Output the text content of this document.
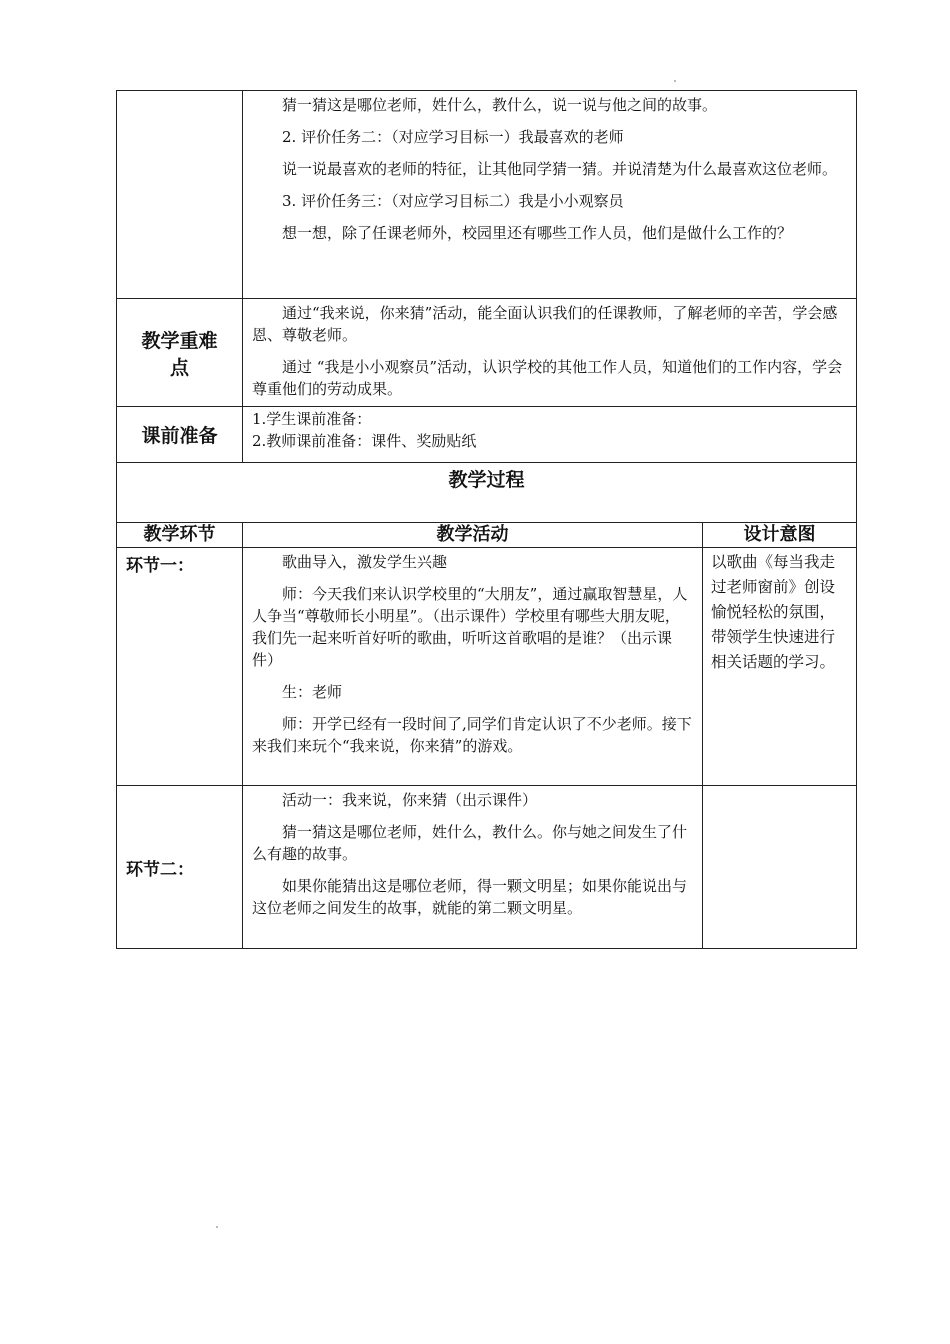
	猜一猜这是哪位老师，姓什么，教什么，说一说与他之间的故事。

2. 评价任务二：（对应学习目标一）我最喜欢的老师

说一说最喜欢的老师的特征，让其他同学猜一猜。并说清楚为什么最喜欢这位老师。

3. 评价任务三：（对应学习目标二）我是小小观察员

想一想，除了任课老师外，校园里还有哪些工作人员，他们是做什么工作的？	

教学重难点	通过“我来说，你来猜”活动，能全面认识我们的任课教师，了解老师的辛苦，学会感恩、尊敬老师。

通过 “我是小小观察员”活动，认识学校的其他工作人员，知道他们的工作内容，学会尊重他们的劳动成果。	

课前准备	1.学生课前准备：
2.教师课前准备：课件、奖励贴纸	

教学过程		
教学环节	教学活动	设计意图
环节一：	歌曲导入，激发学生兴趣

师：今天我们来认识学校里的“大朋友”，通过赢取智慧星，人人争当“尊敬师长小明星”。（出示课件）学校里有哪些大朋友呢，我们先一起来听首好听的歌曲，听听这首歌唱的是谁？（出示课件）

生：老师

师：开学已经有一段时间了,同学们肯定认识了不少老师。接下来我们来玩个“我来说，你来猜”的游戏。	以歌曲《每当我走过老师窗前》创设愉悦轻松的氛围，带领学生快速进行相关话题的学习。
环节二：	活动一：我来说，你来猜（出示课件）

猜一猜这是哪位老师，姓什么，教什么。你与她之间发生了什么有趣的故事。

如果你能猜出这是哪位老师，得一颗文明星；如果你能说出与这位老师之间发生的故事，就能的第二颗文明星。	
